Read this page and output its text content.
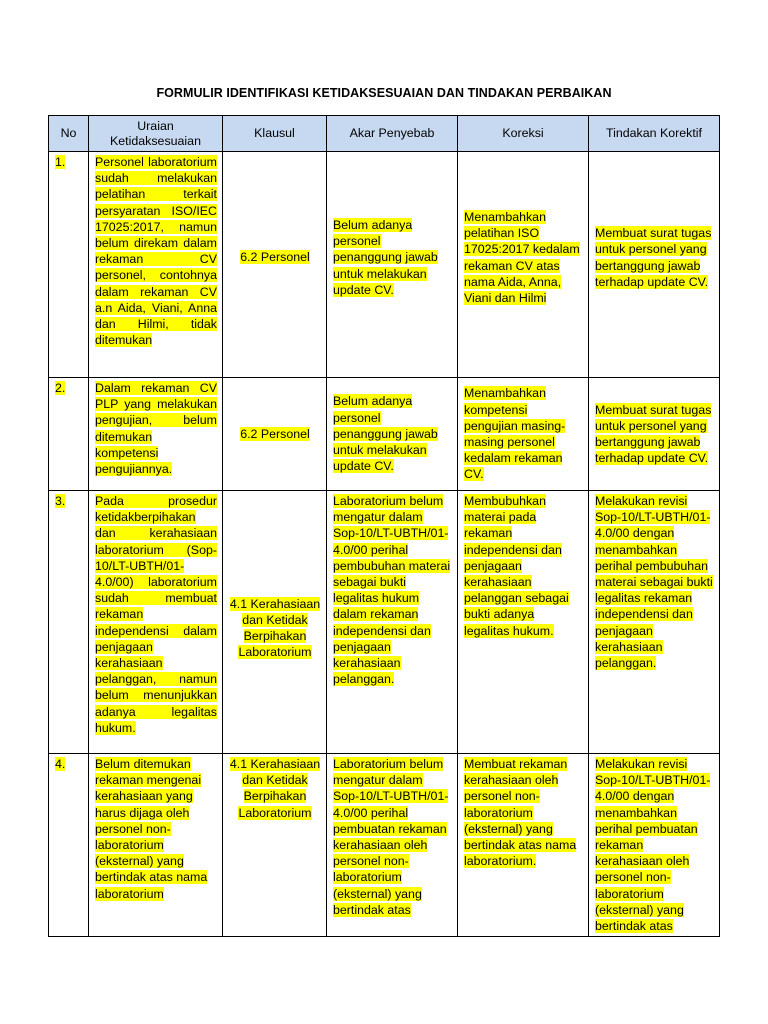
FORMULIR IDENTIFIKASI KETIDAKSESUAIAN DAN TINDAKAN PERBAIKAN
No	Uraian Ketidaksesuaian	Klausul	Akar Penyebab	Koreksi	Tindakan Korektif
1.	Personel laboratorium sudah melakukan pelatihan terkait persyaratan ISO/IEC 17025:2017, namun belum direkam dalam rekaman CV personel, contohnya dalam rekaman CV a.n Aida, Viani, Anna dan Hilmi, tidak ditemukan	6.2 Personel	Belum adanya personel penanggung jawab untuk melakukan update CV.	Menambahkan pelatihan ISO 17025:2017 kedalam rekaman CV atas nama Aida, Anna, Viani dan Hilmi	Membuat surat tugas untuk personel yang bertanggung jawab terhadap update CV.
2.	Dalam rekaman CV PLP yang melakukan pengujian, belum ditemukan kompetensi pengujiannya.	6.2 Personel	Belum adanya personel penanggung jawab untuk melakukan update CV.	Menambahkan kompetensi pengujian masing-masing personel kedalam rekaman CV.	Membuat surat tugas untuk personel yang bertanggung jawab terhadap update CV.
3.	Pada prosedur ketidakberpihakan dan kerahasiaan laboratorium (Sop-10/LT-UBTH/01-4.0/00) laboratorium sudah membuat rekaman independensi dalam penjagaan kerahasiaan pelanggan, namun belum menunjukkan adanya legalitas hukum.	4.1 Kerahasiaan dan Ketidak Berpihakan Laboratorium	Laboratorium belum mengatur dalam Sop-10/LT-UBTH/01-4.0/00 perihal pembubuhan materai sebagai bukti legalitas hukum dalam rekaman independensi dan penjagaan kerahasiaan pelanggan.	Membubuhkan materai pada rekaman independensi dan penjagaan kerahasiaan pelanggan sebagai bukti adanya legalitas hukum.	Melakukan revisi Sop-10/LT-UBTH/01-4.0/00 dengan menambahkan perihal pembubuhan materai sebagai bukti legalitas rekaman independensi dan penjagaan kerahasiaan pelanggan.
4.	Belum ditemukan rekaman mengenai kerahasiaan yang harus dijaga oleh personel non-laboratorium (eksternal) yang bertindak atas nama laboratorium	4.1 Kerahasiaan dan Ketidak Berpihakan Laboratorium	Laboratorium belum mengatur dalam Sop-10/LT-UBTH/01-4.0/00 perihal pembuatan rekaman kerahasiaan oleh personel non-laboratorium (eksternal) yang bertindak atas	Membuat rekaman kerahasiaan oleh personel non-laboratorium (eksternal) yang bertindak atas nama laboratorium.	Melakukan revisi Sop-10/LT-UBTH/01-4.0/00 dengan menambahkan perihal pembuatan rekaman kerahasiaan oleh personel non-laboratorium (eksternal) yang bertindak atas
